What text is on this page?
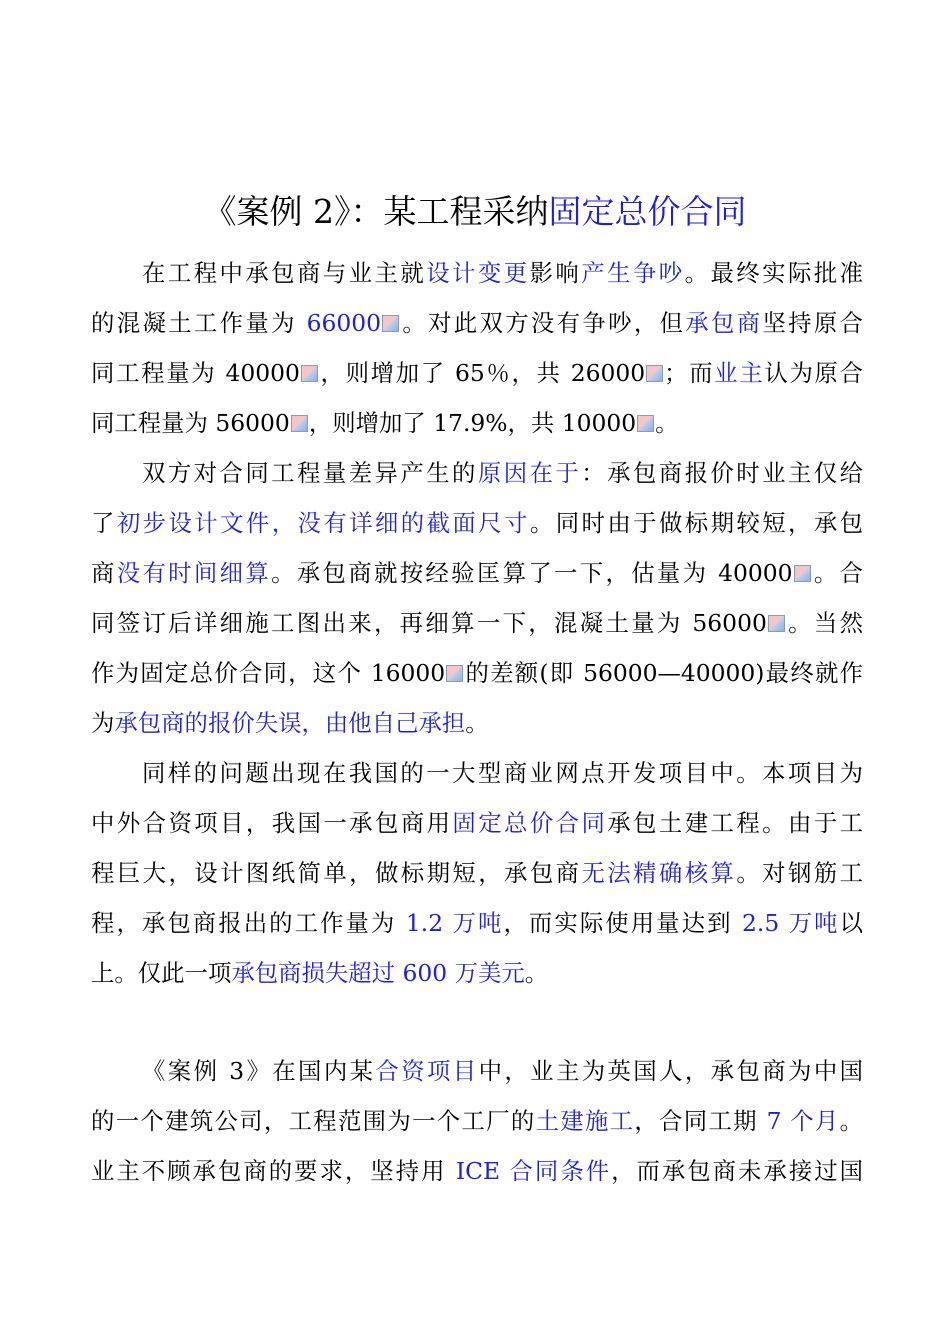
《案例 2》：某工程采纳固定总价合同
在工程中承包商与业主就设计变更影响产生争吵。最终实际批准
的混凝土工作量为 66000 。对此双方没有争吵，但承包商坚持原合
同工程量为 40000 ，则增加了 65％，共 26000 ；而业主认为原合
同工程量为 56000 ，则增加了 17.9%，共 10000 。
双方对合同工程量差异产生的原因在于：承包商报价时业主仅给
了初步设计文件，没有详细的截面尺寸。同时由于做标期较短，承包
商没有时间细算。承包商就按经验匡算了一下，估量为 40000 。合
同签订后详细施工图出来，再细算一下，混凝土量为 56000 。当然
作为固定总价合同，这个 16000 的差额(即 56000—40000)最终就作
为承包商的报价失误，由他自己承担。
同样的问题出现在我国的一大型商业网点开发项目中。本项目为
中外合资项目，我国一承包商用固定总价合同承包土建工程。由于工
程巨大，设计图纸简单，做标期短，承包商无法精确核算。对钢筋工
程，承包商报出的工作量为 1.2 万吨，而实际使用量达到 2.5 万吨以
上。仅此一项承包商损失超过 600 万美元。
《案例 3》在国内某合资项目中，业主为英国人，承包商为中国
的一个建筑公司，工程范围为一个工厂的土建施工，合同工期 7 个月。
业主不顾承包商的要求，坚持用 ICE 合同条件，而承包商未承接过国
